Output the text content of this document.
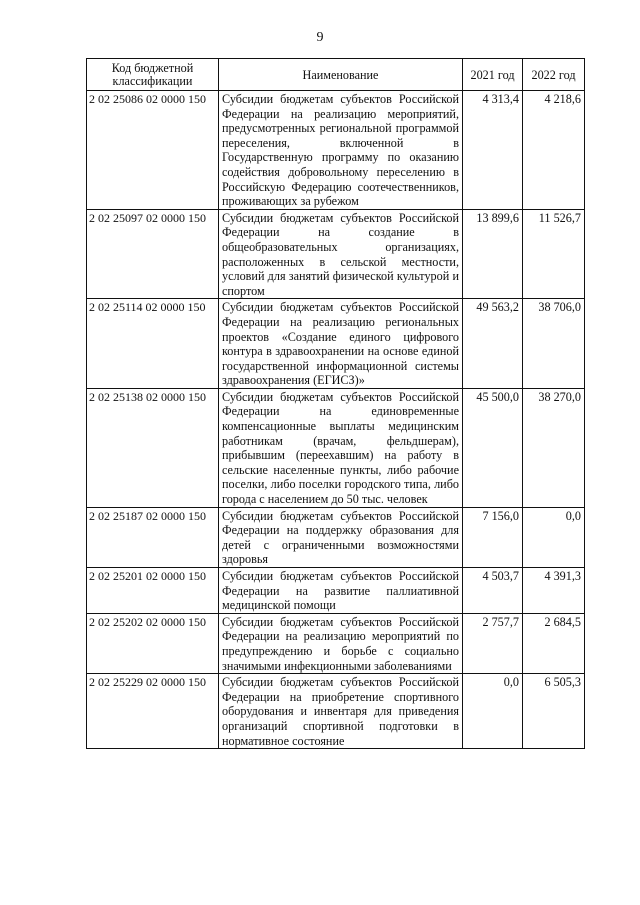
9
Код бюджетной классификации	Наименование	2021 год	2022 год
2 02 25086 02 0000 150	Субсидии бюджетам субъектов Российской Федерации на реализацию мероприятий, предусмотренных региональной программой переселения, включенной в Государственную программу по оказанию содействия добровольному переселению в Российскую Федерацию соотечественников, проживающих за рубежом	4 313,4	4 218,6
2 02 25097 02 0000 150	Субсидии бюджетам субъектов Российской Федерации на создание в общеобразовательных организациях, расположенных в сельской местности, условий для занятий физической культурой и спортом	13 899,6	11 526,7
2 02 25114 02 0000 150	Субсидии бюджетам субъектов Российской Федерации на реализацию региональных проектов «Создание единого цифрового контура в здравоохранении на основе единой государственной информационной системы здравоохранения (ЕГИСЗ)»	49 563,2	38 706,0
2 02 25138 02 0000 150	Субсидии бюджетам субъектов Российской Федерации на единовременные компенсационные выплаты медицинским работникам (врачам, фельдшерам), прибывшим (переехавшим) на работу в сельские населенные пункты, либо рабочие поселки, либо поселки городского типа, либо города с населением до 50 тыс. человек	45 500,0	38 270,0
2 02 25187 02 0000 150	Субсидии бюджетам субъектов Российской Федерации на поддержку образования для детей с ограниченными возможностями здоровья	7 156,0	0,0
2 02 25201 02 0000 150	Субсидии бюджетам субъектов Российской Федерации на развитие паллиативной медицинской помощи	4 503,7	4 391,3
2 02 25202 02 0000 150	Субсидии бюджетам субъектов Российской Федерации на реализацию мероприятий по предупреждению и борьбе с социально значимыми инфекционными заболеваниями	2 757,7	2 684,5
2 02 25229 02 0000 150	Субсидии бюджетам субъектов Российской Федерации на приобретение спортивного оборудования и инвентаря для приведения организаций спортивной подготовки в нормативное состояние	0,0	6 505,3
